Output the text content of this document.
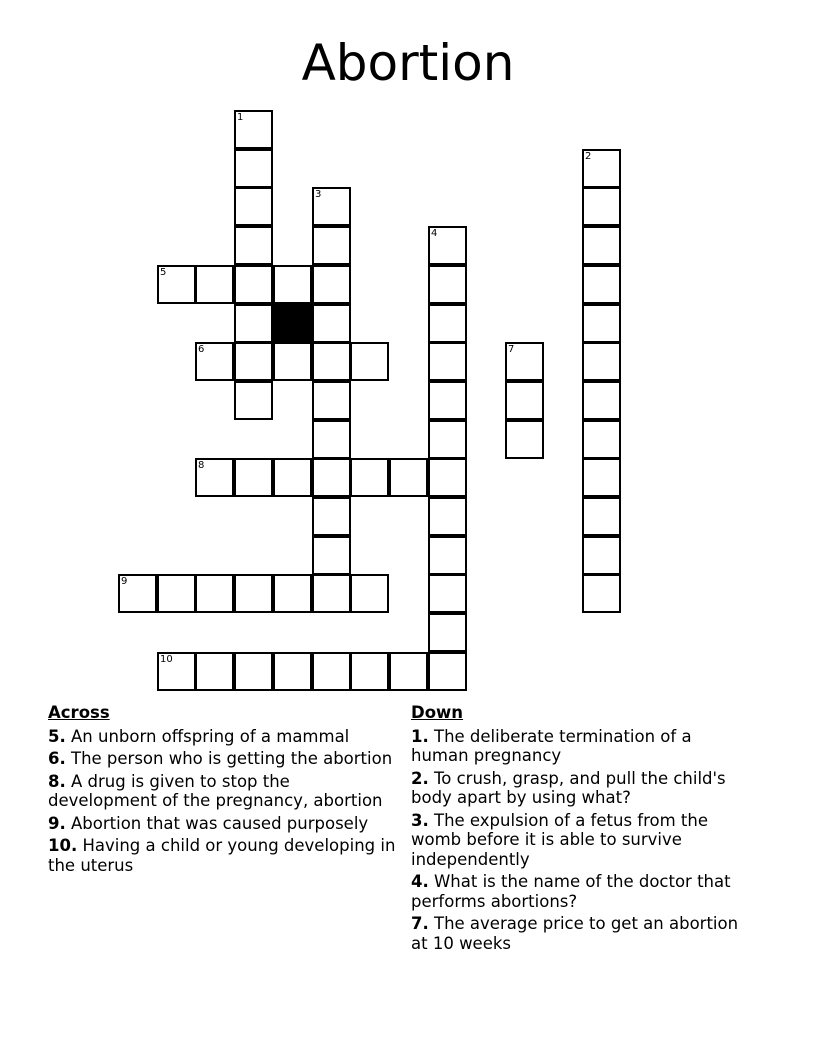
Abortion
1
2
3
4
5
6	7
8
9
10
Across
5. An unborn offspring of a mammal
6. The person who is getting the abortion
8. A drug is given to stop the development of the pregnancy, abortion
9. Abortion that was caused purposely
10. Having a child or young developing in the uterus
Down
1. The deliberate termination of a human pregnancy
2. To crush, grasp, and pull the child's body apart by using what?
3. The expulsion of a fetus from the womb before it is able to survive independently
4. What is the name of the doctor that performs abortions?
7. The average price to get an abortion at 10 weeks
